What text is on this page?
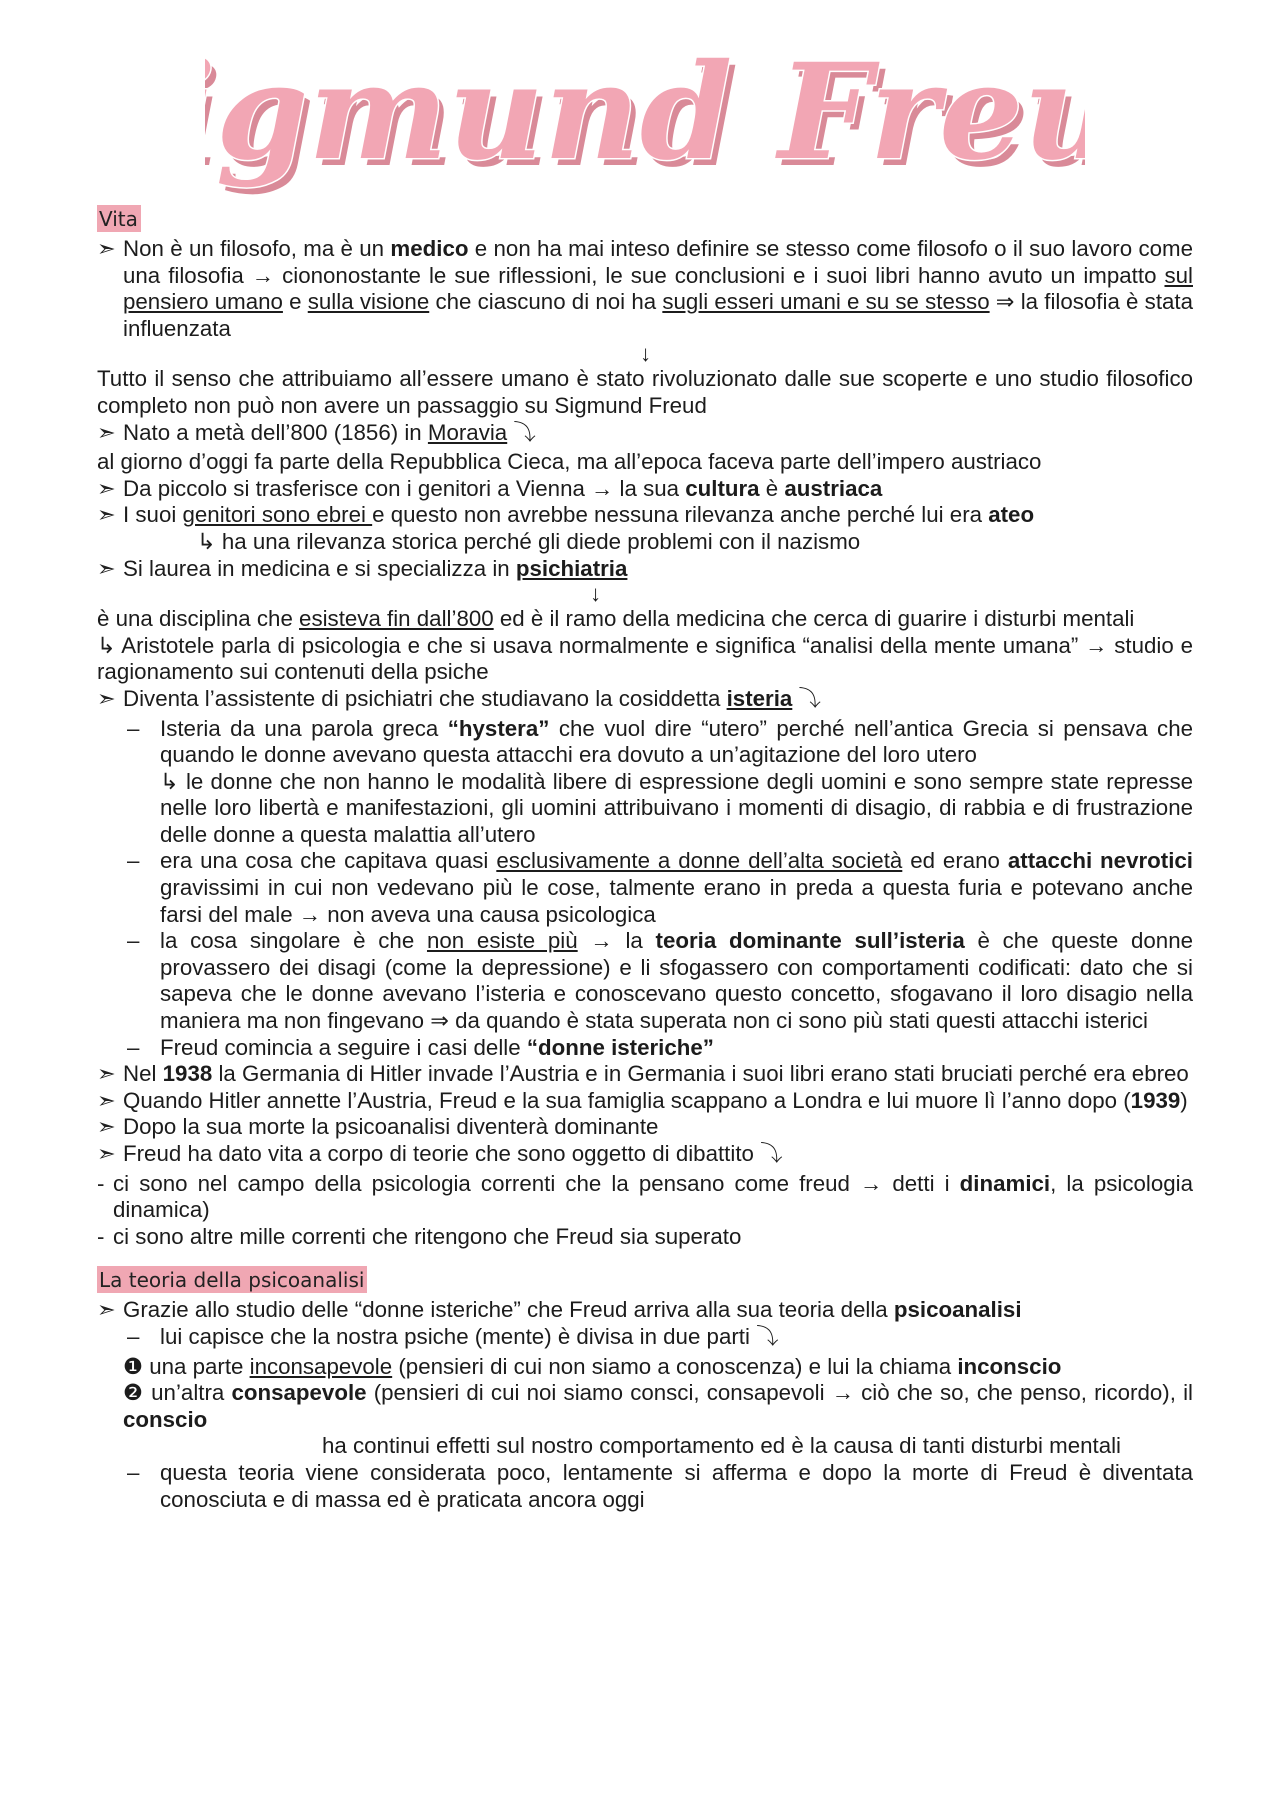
gmund Fre
gmund Fre
Vita
➣ Non è un filosofo, ma è un medico e non ha mai inteso definire se stesso come filosofo o il suo lavoro come una filosofia → ciononostante le sue riflessioni, le sue conclusioni e i suoi libri hanno avuto un impatto sul pensiero umano e sulla visione che ciascuno di noi ha sugli esseri umani e su se stesso ⇒ la filosofia è stata influenzata
↓
Tutto il senso che attribuiamo all’essere umano è stato rivoluzionato dalle sue scoperte e uno studio filosofico completo non può non avere un passaggio su Sigmund Freud
➣ Nato a metà dell’800 (1856) in Moravia ⤵
al giorno d’oggi fa parte della Repubblica Cieca, ma all’epoca faceva parte dell’impero austriaco
➣ Da piccolo si trasferisce con i genitori a Vienna → la sua cultura è austriaca
➣ I suoi genitori sono ebrei e questo non avrebbe nessuna rilevanza anche perché lui era ateo
↳ ha una rilevanza storica perché gli diede problemi con il nazismo
➣ Si laurea in medicina e si specializza in psichiatria
↓
è una disciplina che esisteva fin dall’800 ed è il ramo della medicina che cerca di guarire i disturbi mentali
↳ Aristotele parla di psicologia e che si usava normalmente e significa “analisi della mente umana” → studio e ragionamento sui contenuti della psiche
➣ Diventa l’assistente di psichiatri che studiavano la cosiddetta isteria ⤵
– Isteria da una parola greca “hystera” che vuol dire “utero” perché nell’antica Grecia si pensava che quando le donne avevano questa attacchi era dovuto a un’agitazione del loro utero
↳ le donne che non hanno le modalità libere di espressione degli uomini e sono sempre state represse nelle loro libertà e manifestazioni, gli uomini attribuivano i momenti di disagio, di rabbia e di frustrazione delle donne a questa malattia all’utero
– era una cosa che capitava quasi esclusivamente a donne dell’alta società ed erano attacchi nevrotici gravissimi in cui non vedevano più le cose, talmente erano in preda a questa furia e potevano anche farsi del male → non aveva una causa psicologica
– la cosa singolare è che non esiste più → la teoria dominante sull’isteria è che queste donne provassero dei disagi (come la depressione) e li sfogassero con comportamenti codificati: dato che si sapeva che le donne avevano l’isteria e conoscevano questo concetto, sfogavano il loro disagio nella maniera ma non fingevano ⇒ da quando è stata superata non ci sono più stati questi attacchi isterici
– Freud comincia a seguire i casi delle “donne isteriche”
➣ Nel 1938 la Germania di Hitler invade l’Austria e in Germania i suoi libri erano stati bruciati perché era ebreo
➣ Quando Hitler annette l’Austria, Freud e la sua famiglia scappano a Londra e lui muore lì l’anno dopo (1939)
➣ Dopo la sua morte la psicoanalisi diventerà dominante
➣ Freud ha dato vita a corpo di teorie che sono oggetto di dibattito ⤵
- ci sono nel campo della psicologia correnti che la pensano come freud → detti i dinamici, la psicologia dinamica)
- ci sono altre mille correnti che ritengono che Freud sia superato
La teoria della psicoanalisi
➣ Grazie allo studio delle “donne isteriche” che Freud arriva alla sua teoria della psicoanalisi
– lui capisce che la nostra psiche (mente) è divisa in due parti ⤵
❶ una parte inconsapevole (pensieri di cui non siamo a conoscenza) e lui la chiama inconscio
❷ un’altra consapevole (pensieri di cui noi siamo consci, consapevoli → ciò che so, che penso, ricordo), il conscio
ha continui effetti sul nostro comportamento ed è la causa di tanti disturbi mentali
– questa teoria viene considerata poco, lentamente si afferma e dopo la morte di Freud è diventata conosciuta e di massa ed è praticata ancora oggi
